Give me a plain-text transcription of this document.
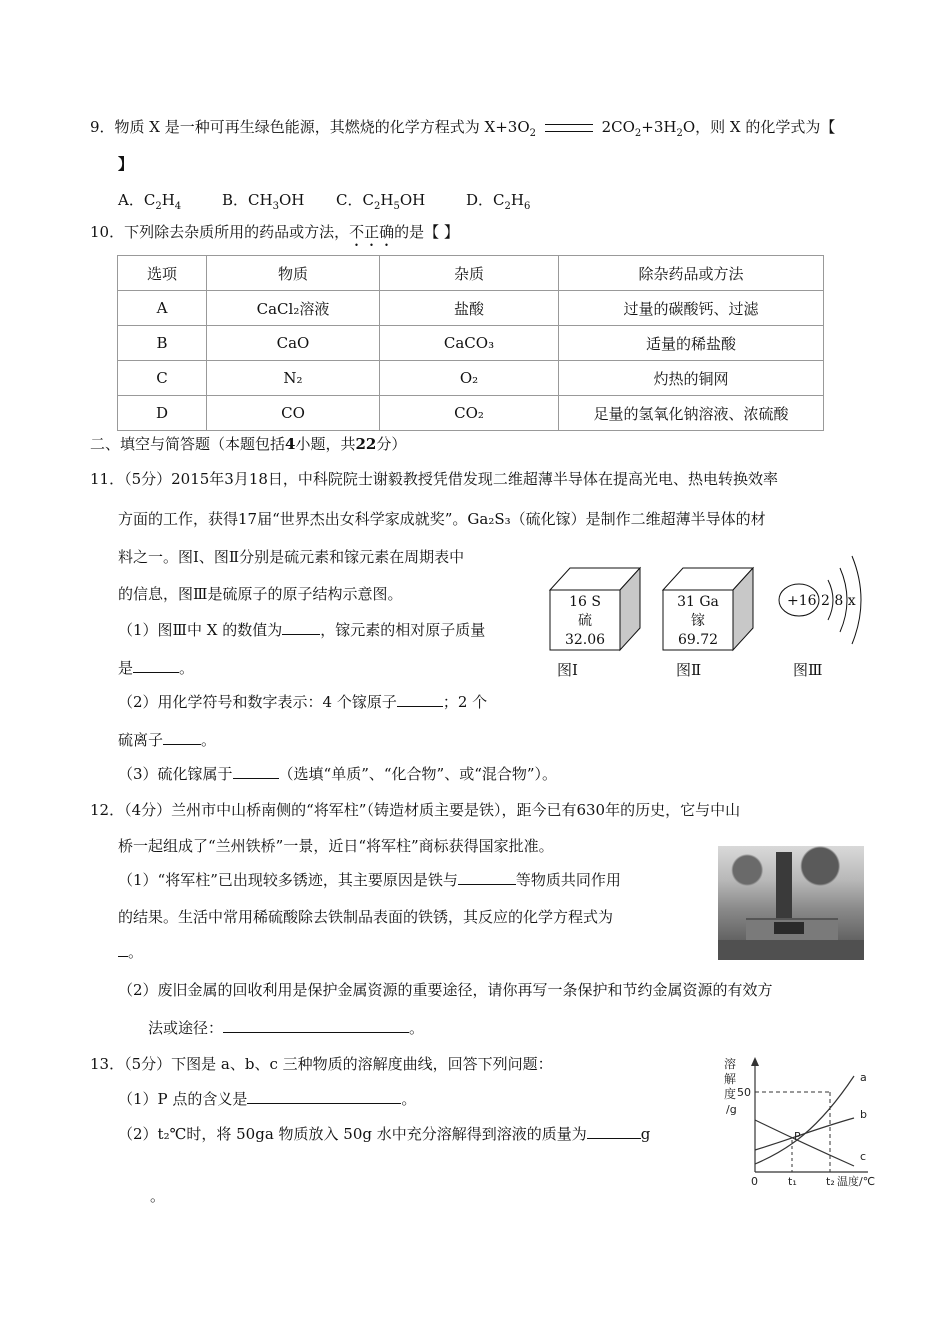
9．物质 X 是一种可再生绿色能源，其燃烧的化学方程式为 $X+3O_2$	$2CO_2+3H_2O$，则 X 的化学式为【
】
A．$C_2H_4$	B．$CH_3OH$ C．$C_2H_5OH$	D．$C_2H_6$
10．下列除去杂质所用的药品或方法，不正确的是【 】
选项	物质	杂质	除杂药品或方法
A	CaCl₂溶液	盐酸	过量的碳酸钙、过滤
B	CaO	CaCO₃	适量的稀盐酸
C	N₂	O₂	灼热的铜网
D	CO	CO₂	足量的氢氧化钠溶液、浓硫酸
二、填空与简答题（本题包括4小题，共22分）
11．（5分）2015年3月18日，中科院院士谢毅教授凭借发现二维超薄半导体在提高光电、热电转换效率
方面的工作，获得17届“世界杰出女科学家成就奖”。Ga₂S₃（硫化镓）是制作二维超薄半导体的材
料之一。图Ⅰ、图Ⅱ分别是硫元素和镓元素在周期表中
的信息，图Ⅲ是硫原子的原子结构示意图。
（1）图Ⅲ中 X 的数值为	，镓元素的相对原子质量
是	。
（2）用化学符号和数字表示：4 个镓原子	；2 个
硫离子	。
（3）硫化镓属于	（选填“单质”、“化合物”、或“混合物”）。
16 S
硫
32.06
图Ⅰ
31 Ga
镓
69.72
图Ⅱ
+16 2 8 x
图Ⅲ
12．（4分）兰州市中山桥南侧的“将军柱”（铸造材质主要是铁），距今已有630年的历史，它与中山
桥一起组成了“兰州铁桥”一景，近日“将军柱”商标获得国家批准。
（1）“将军柱”已出现较多锈迹，其主要原因是铁与	等物质共同作用
的结果。生活中常用稀硫酸除去铁制品表面的铁锈，其反应的化学方程式为
。
（2）废旧金属的回收利用是保护金属资源的重要途径，请你再写一条保护和节约金属资源的有效方
法或途径：	。
13．（5分）下图是 a、b、c 三种物质的溶解度曲线，回答下列问题：
（1）P 点的含义是	。
（2）t₂℃时，将 50ga 物质放入 50g 水中充分溶解得到溶液的质量为	g
。
溶
解
度
/g
50
0	t₁	t₂ 温度/℃
a
b
c
P
